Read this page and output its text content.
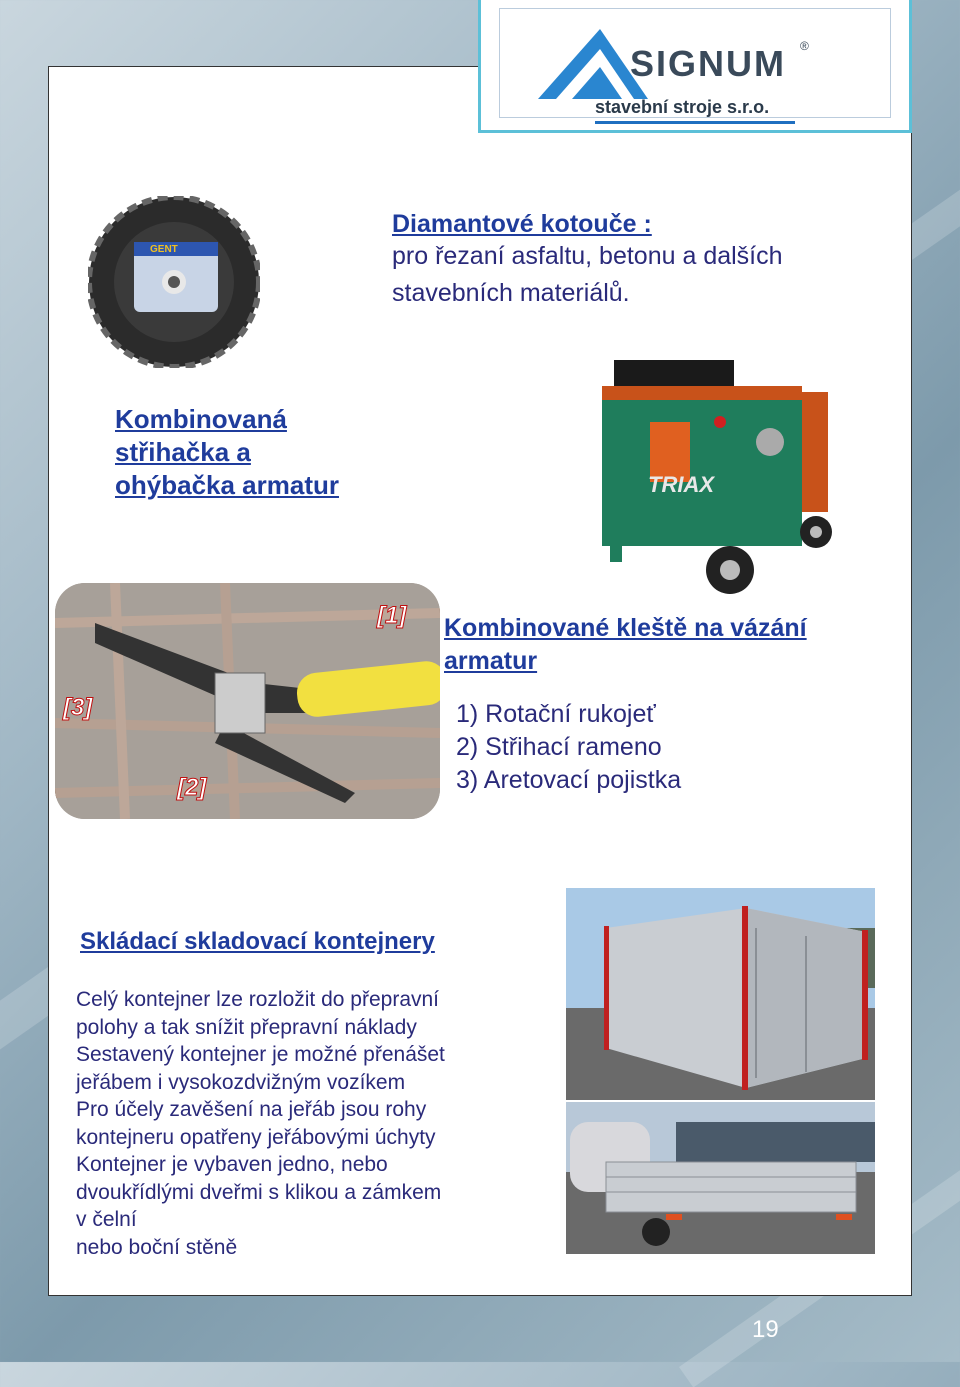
SIGNUM ®
stavební stroje s.r.o.
GENT
Diamantové kotouče :
pro řezaní asfaltu, betonu a dalších
stavebních materiálů.
Kombinovaná
střihačka a
ohýbačka armatur	TRIAX
[1]
[2]
[3]
Kombinované kleště na vázání
armatur
1) Rotační rukojeť
2) Střihací rameno
3) Aretovací pojistka
Skládací skladovací kontejnery
Celý kontejner lze rozložit do přepravní
polohy a tak snížit přepravní náklady
Sestavený kontejner je možné přenášet
jeřábem i vysokozdvižným vozíkem
Pro účely zavěšení na jeřáb jsou rohy
kontejneru opatřeny jeřábovými úchyty
Kontejner je vybaven jedno, nebo
dvoukřídlými dveřmi s klikou a zámkem
v čelní
nebo boční stěně
19
